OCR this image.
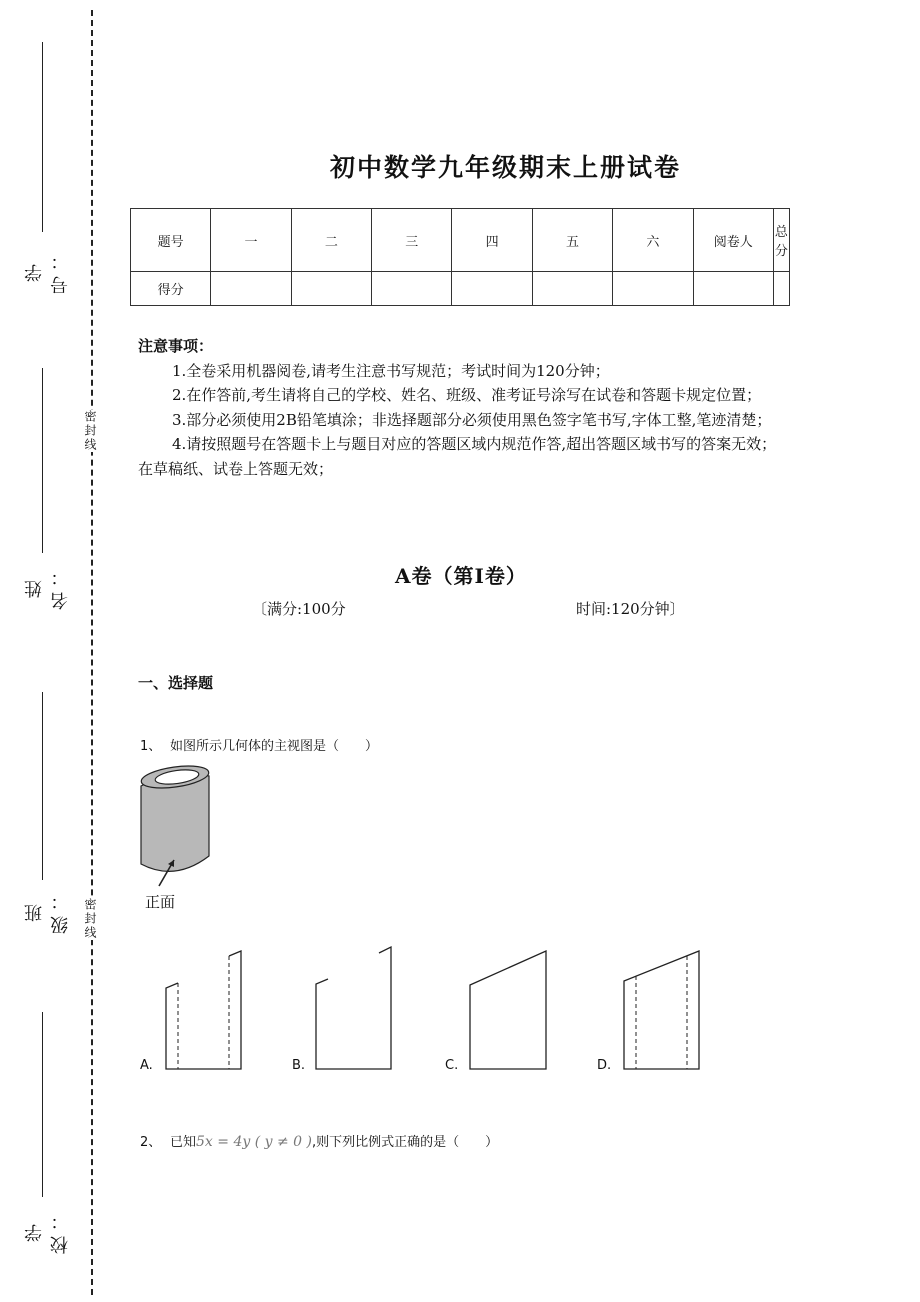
学号：
姓名：
班级：
学校：
密封线
密封线
初中数学九年级期末上册试卷
题号	一	二	三	四	五	六	阅卷人	总分
得分								
注意事项：
1.全卷采用机器阅卷,请考生注意书写规范；考试时间为120分钟；
2.在作答前,考生请将自己的学校、姓名、班级、准考证号涂写在试卷和答题卡规定位置；
3.部分必须使用2B铅笔填涂；非选择题部分必须使用黑色签字笔书写,字体工整,笔迹清楚；
4.请按照题号在答题卡上与题目对应的答题区域内规范作答,超出答题区域书写的答案无效；在草稿纸、试卷上答题无效；
A卷（第Ⅰ卷）
〔满分:100分	时间:120分钟〕
一、选择题
1、 如图所示几何体的主视图是（　　）
正面
A.	B.	C.	D.
2、 已知5x = 4y ( y ≠ 0 ),则下列比例式正确的是（　　）
